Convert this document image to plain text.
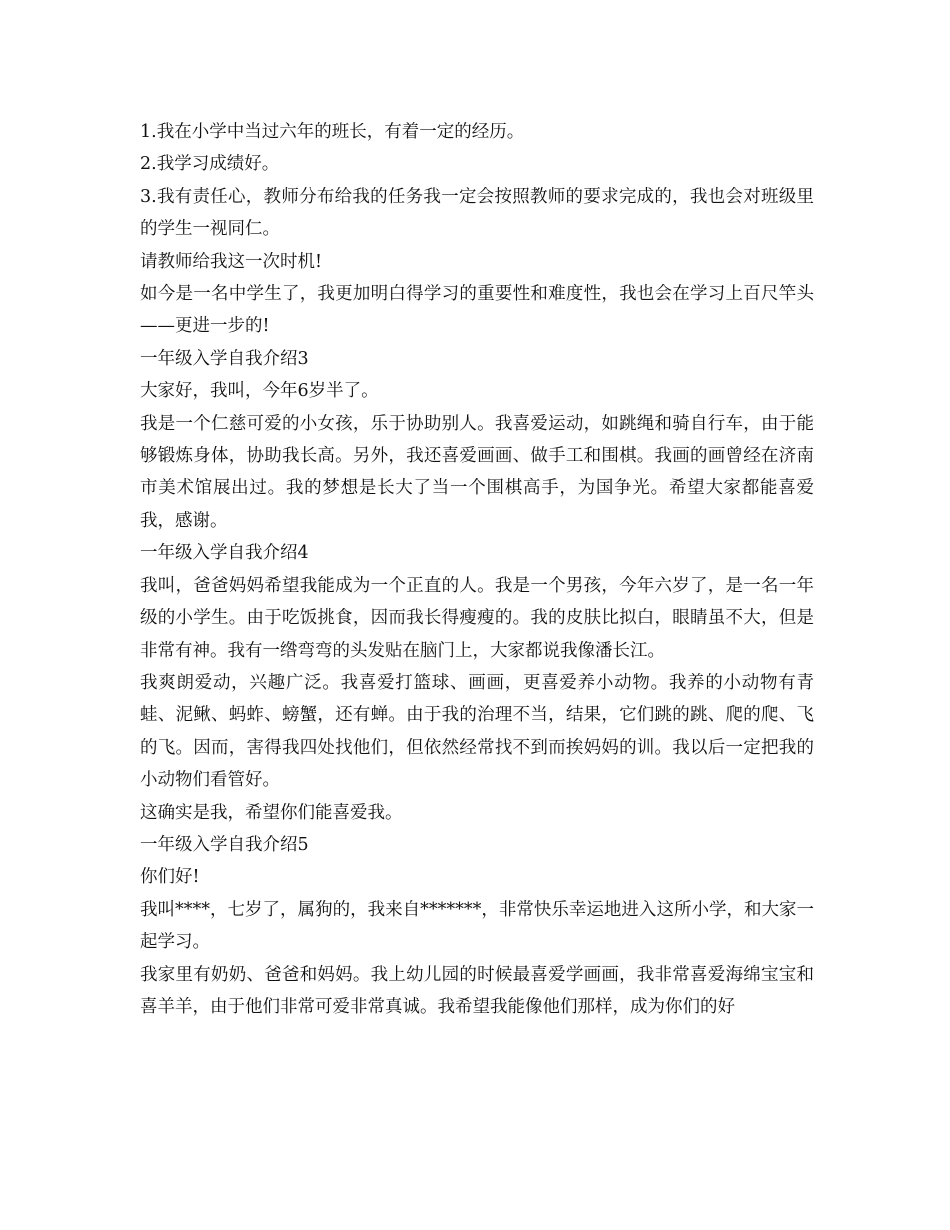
1.我在小学中当过六年的班长，有着一定的经历。

2.我学习成绩好。

3.我有责任心，教师分布给我的任务我一定会按照教师的要求完成的，我也会对班级里的学生一视同仁。

请教师给我这一次时机!

如今是一名中学生了，我更加明白得学习的重要性和难度性，我也会在学习上百尺竿头——更进一步的!

一年级入学自我介绍3

大家好，我叫，今年6岁半了。

我是一个仁慈可爱的小女孩，乐于协助别人。我喜爱运动，如跳绳和骑自行车，由于能够锻炼身体，协助我长高。另外，我还喜爱画画、做手工和围棋。我画的画曾经在济南市美术馆展出过。我的梦想是长大了当一个围棋高手，为国争光。希望大家都能喜爱我，感谢。

一年级入学自我介绍4

我叫，爸爸妈妈希望我能成为一个正直的人。我是一个男孩，今年六岁了，是一名一年级的小学生。由于吃饭挑食，因而我长得瘦瘦的。我的皮肤比拟白，眼睛虽不大，但是非常有神。我有一绺弯弯的头发贴在脑门上，大家都说我像潘长江。

我爽朗爱动，兴趣广泛。我喜爱打篮球、画画，更喜爱养小动物。我养的小动物有青蛙、泥鳅、蚂蚱、螃蟹，还有蝉。由于我的治理不当，结果，它们跳的跳、爬的爬、飞的飞。因而，害得我四处找他们，但依然经常找不到而挨妈妈的训。我以后一定把我的小动物们看管好。

这确实是我，希望你们能喜爱我。

一年级入学自我介绍5

你们好!

我叫****，七岁了，属狗的，我来自*******，非常快乐幸运地进入这所小学，和大家一起学习。

我家里有奶奶、爸爸和妈妈。我上幼儿园的时候最喜爱学画画，我非常喜爱海绵宝宝和喜羊羊，由于他们非常可爱非常真诚。我希望我能像他们那样，成为你们的好
